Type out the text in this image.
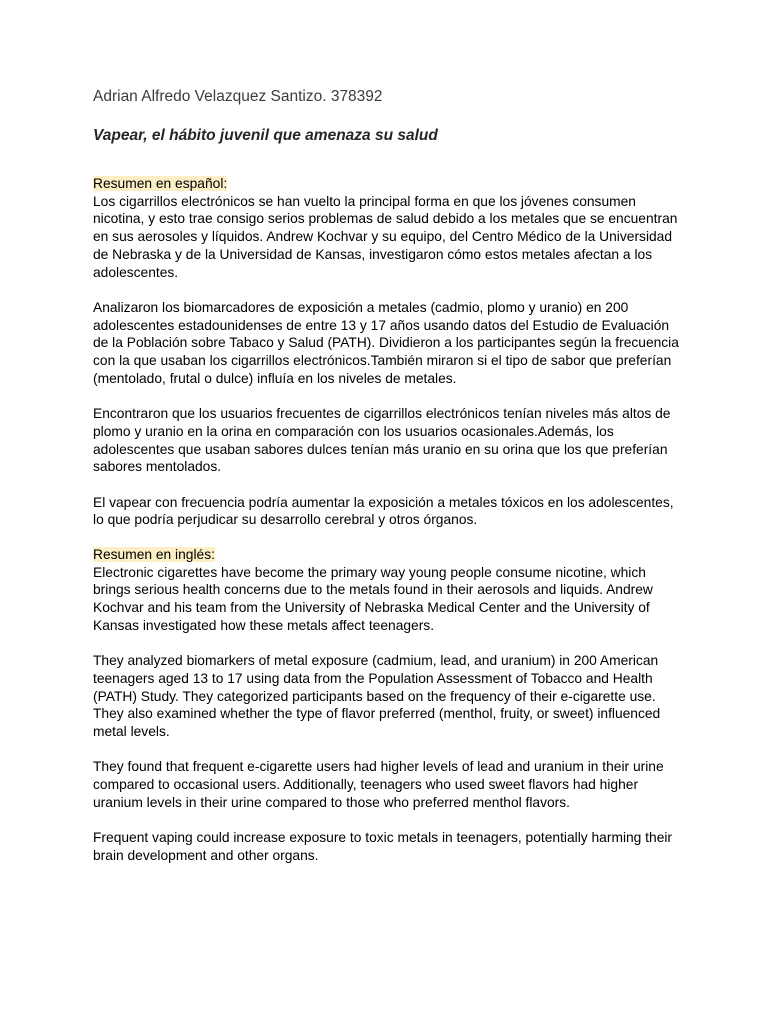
Adrian Alfredo Velazquez Santizo. 378392

Vapear, el hábito juvenil que amenaza su salud

Resumen en español:

Los cigarrillos electrónicos se han vuelto la principal forma en que los jóvenes consumen nicotina, y esto trae consigo serios problemas de salud debido a los metales que se encuentran en sus aerosoles y líquidos. Andrew Kochvar y su equipo, del Centro Médico de la Universidad de Nebraska y de la Universidad de Kansas, investigaron cómo estos metales afectan a los adolescentes.

Analizaron los biomarcadores de exposición a metales (cadmio, plomo y uranio) en 200 adolescentes estadounidenses de entre 13 y 17 años usando datos del Estudio de Evaluación de la Población sobre Tabaco y Salud (PATH). Dividieron a los participantes según la frecuencia con la que usaban los cigarrillos electrónicos.También miraron si el tipo de sabor que preferían (mentolado, frutal o dulce) influía en los niveles de metales.

Encontraron que los usuarios frecuentes de cigarrillos electrónicos tenían niveles más altos de plomo y uranio en la orina en comparación con los usuarios ocasionales.Además, los adolescentes que usaban sabores dulces tenían más uranio en su orina que los que preferían sabores mentolados.

El vapear con frecuencia podría aumentar la exposición a metales tóxicos en los adolescentes, lo que podría perjudicar su desarrollo cerebral y otros órganos.

Resumen en inglés:

Electronic cigarettes have become the primary way young people consume nicotine, which brings serious health concerns due to the metals found in their aerosols and liquids. Andrew Kochvar and his team from the University of Nebraska Medical Center and the University of Kansas investigated how these metals affect teenagers.

They analyzed biomarkers of metal exposure (cadmium, lead, and uranium) in 200 American teenagers aged 13 to 17 using data from the Population Assessment of Tobacco and Health (PATH) Study. They categorized participants based on the frequency of their e-cigarette use. They also examined whether the type of flavor preferred (menthol, fruity, or sweet) influenced metal levels.

They found that frequent e-cigarette users had higher levels of lead and uranium in their urine compared to occasional users. Additionally, teenagers who used sweet flavors had higher uranium levels in their urine compared to those who preferred menthol flavors.

Frequent vaping could increase exposure to toxic metals in teenagers, potentially harming their brain development and other organs.
